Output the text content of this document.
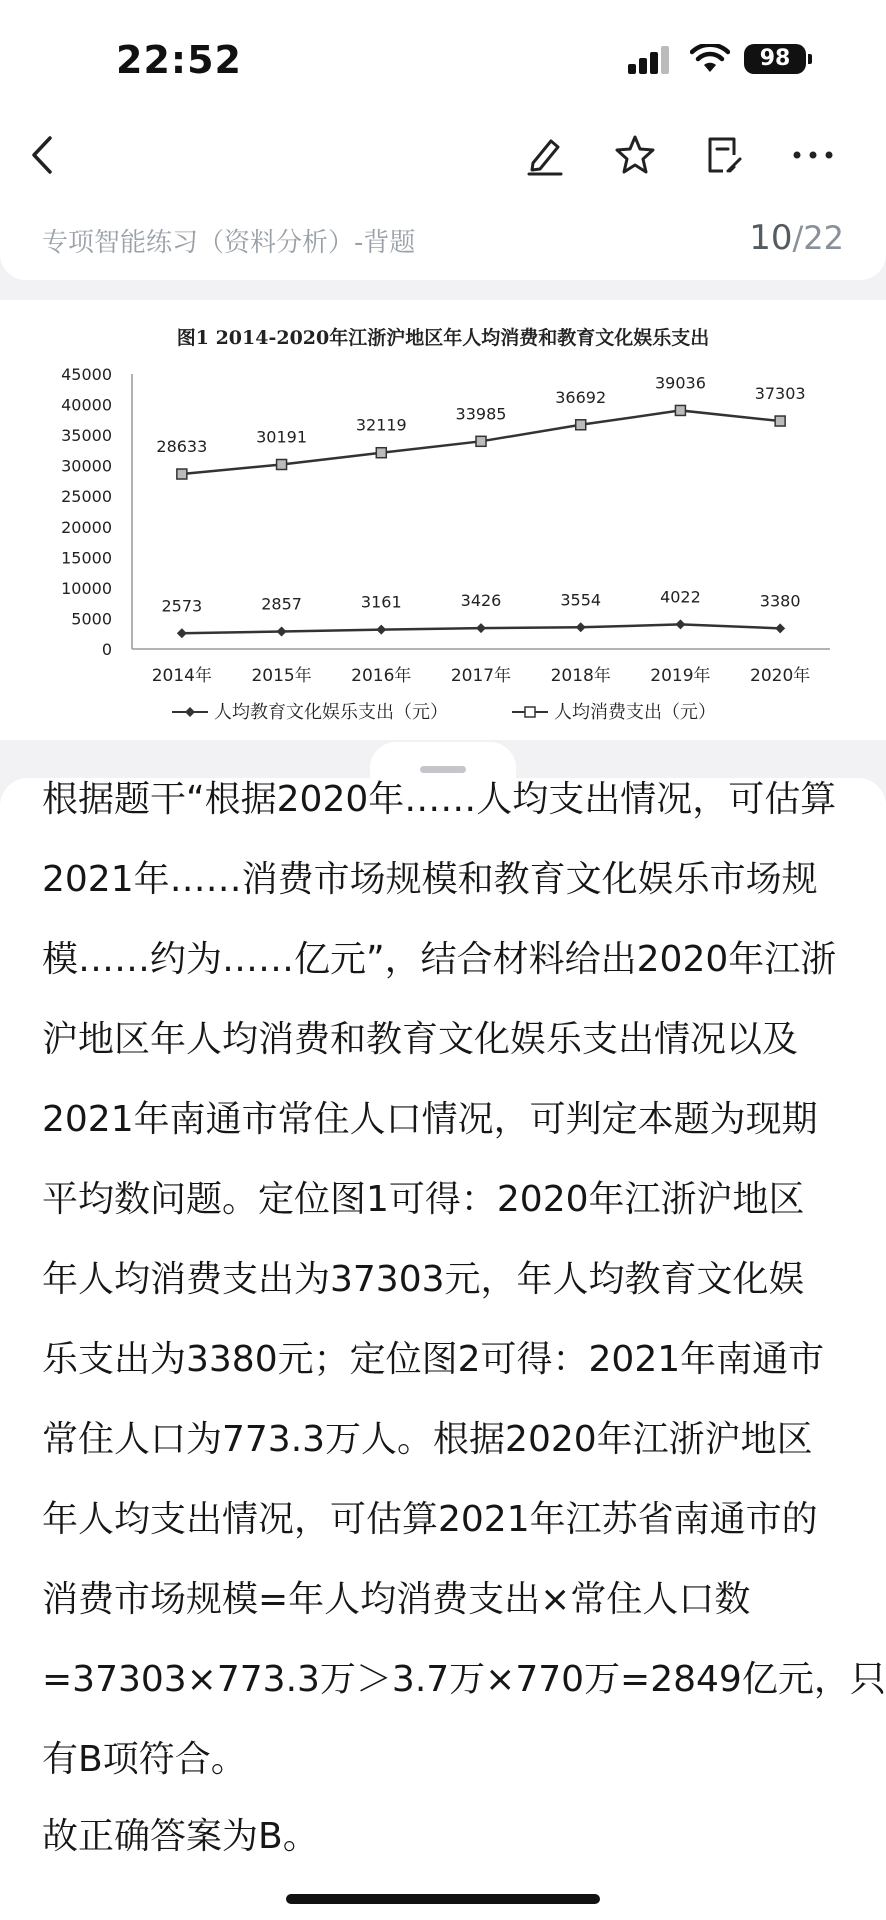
22:52	98
专项智能练习（资料分析）-背题	10/22
图1 2014-2020年江浙沪地区年人均消费和教育文化娱乐支出
45000
40000
35000
30000
25000
20000
15000
10000
5000
0
2014年 2015年 2016年 2017年 2018年 2019年 2020年
2573	2857	3161	3426	3554	4022	3380
28633
30191
32119
33985
36692
39036
37303
人均教育文化娱乐支出（元）	人均消费支出（元）
根据题干“根据2020年……人均支出情况，可估算
2021年……消费市场规模和教育文化娱乐市场规
模……约为……亿元”，结合材料给出2020年江浙
沪地区年人均消费和教育文化娱乐支出情况以及
2021年南通市常住人口情况，可判定本题为现期
平均数问题。定位图1可得：2020年江浙沪地区
年人均消费支出为37303元，年人均教育文化娱
乐支出为3380元；定位图2可得：2021年南通市
常住人口为773.3万人。根据2020年江浙沪地区
年人均支出情况，可估算2021年江苏省南通市的
消费市场规模=年人均消费支出×常住人口数
=37303×773.3万＞3.7万×770万=2849亿元，只
有B项符合。
故正确答案为B。
